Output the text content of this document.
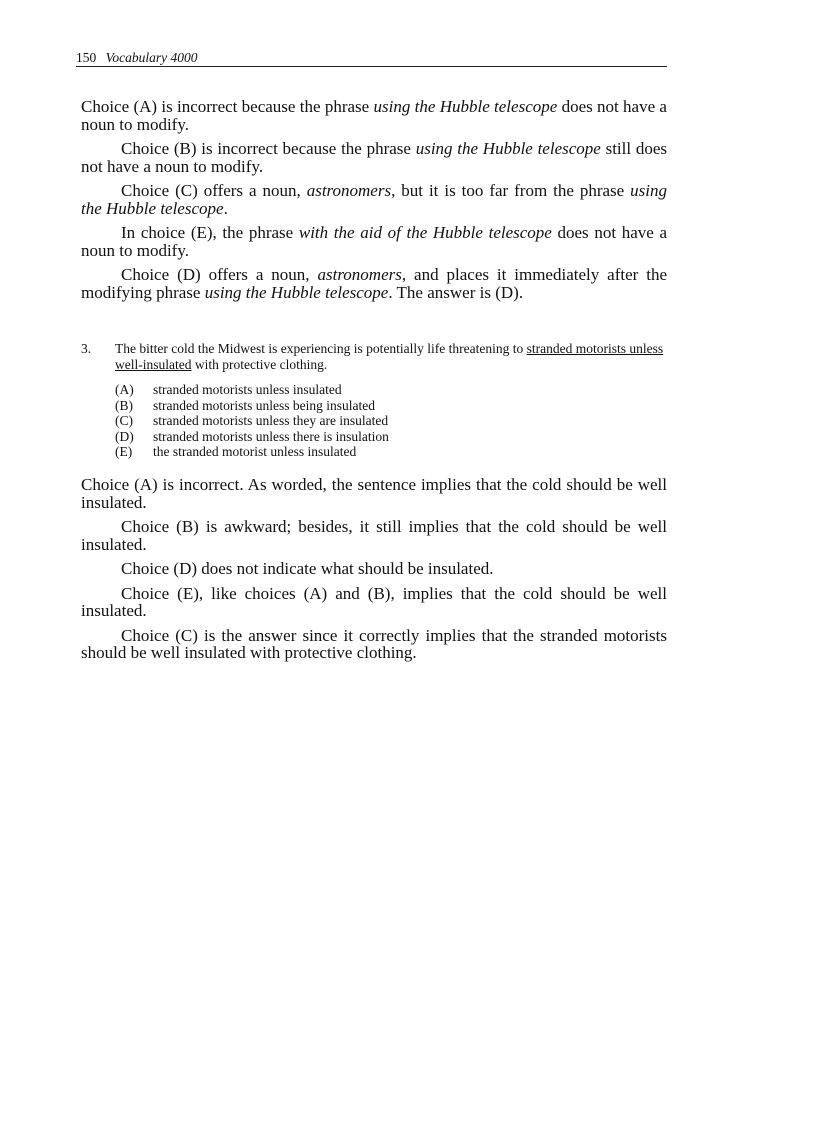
150 Vocabulary 4000

Choice (A) is incorrect because the phrase using the Hubble telescope does not have a noun to modify.

Choice (B) is incorrect because the phrase using the Hubble telescope still does not have a noun to modify.

Choice (C) offers a noun, astronomers, but it is too far from the phrase using the Hubble telescope.

In choice (E), the phrase with the aid of the Hubble telescope does not have a noun to modify.

Choice (D) offers a noun, astronomers, and places it immediately after the modifying phrase using the Hubble telescope. The answer is (D).

3. The bitter cold the Midwest is experiencing is potentially life threatening to stranded motorists unless well-insulated with protective clothing.
(A)	stranded motorists unless insulated
(B)	stranded motorists unless being insulated
(C)	stranded motorists unless they are insulated
(D)	stranded motorists unless there is insulation
(E)	the stranded motorist unless insulated

Choice (A) is incorrect. As worded, the sentence implies that the cold should be well insulated.

Choice (B) is awkward; besides, it still implies that the cold should be well insulated.

Choice (D) does not indicate what should be insulated.

Choice (E), like choices (A) and (B), implies that the cold should be well insulated.

Choice (C) is the answer since it correctly implies that the stranded motorists should be well insulated with protective clothing.
